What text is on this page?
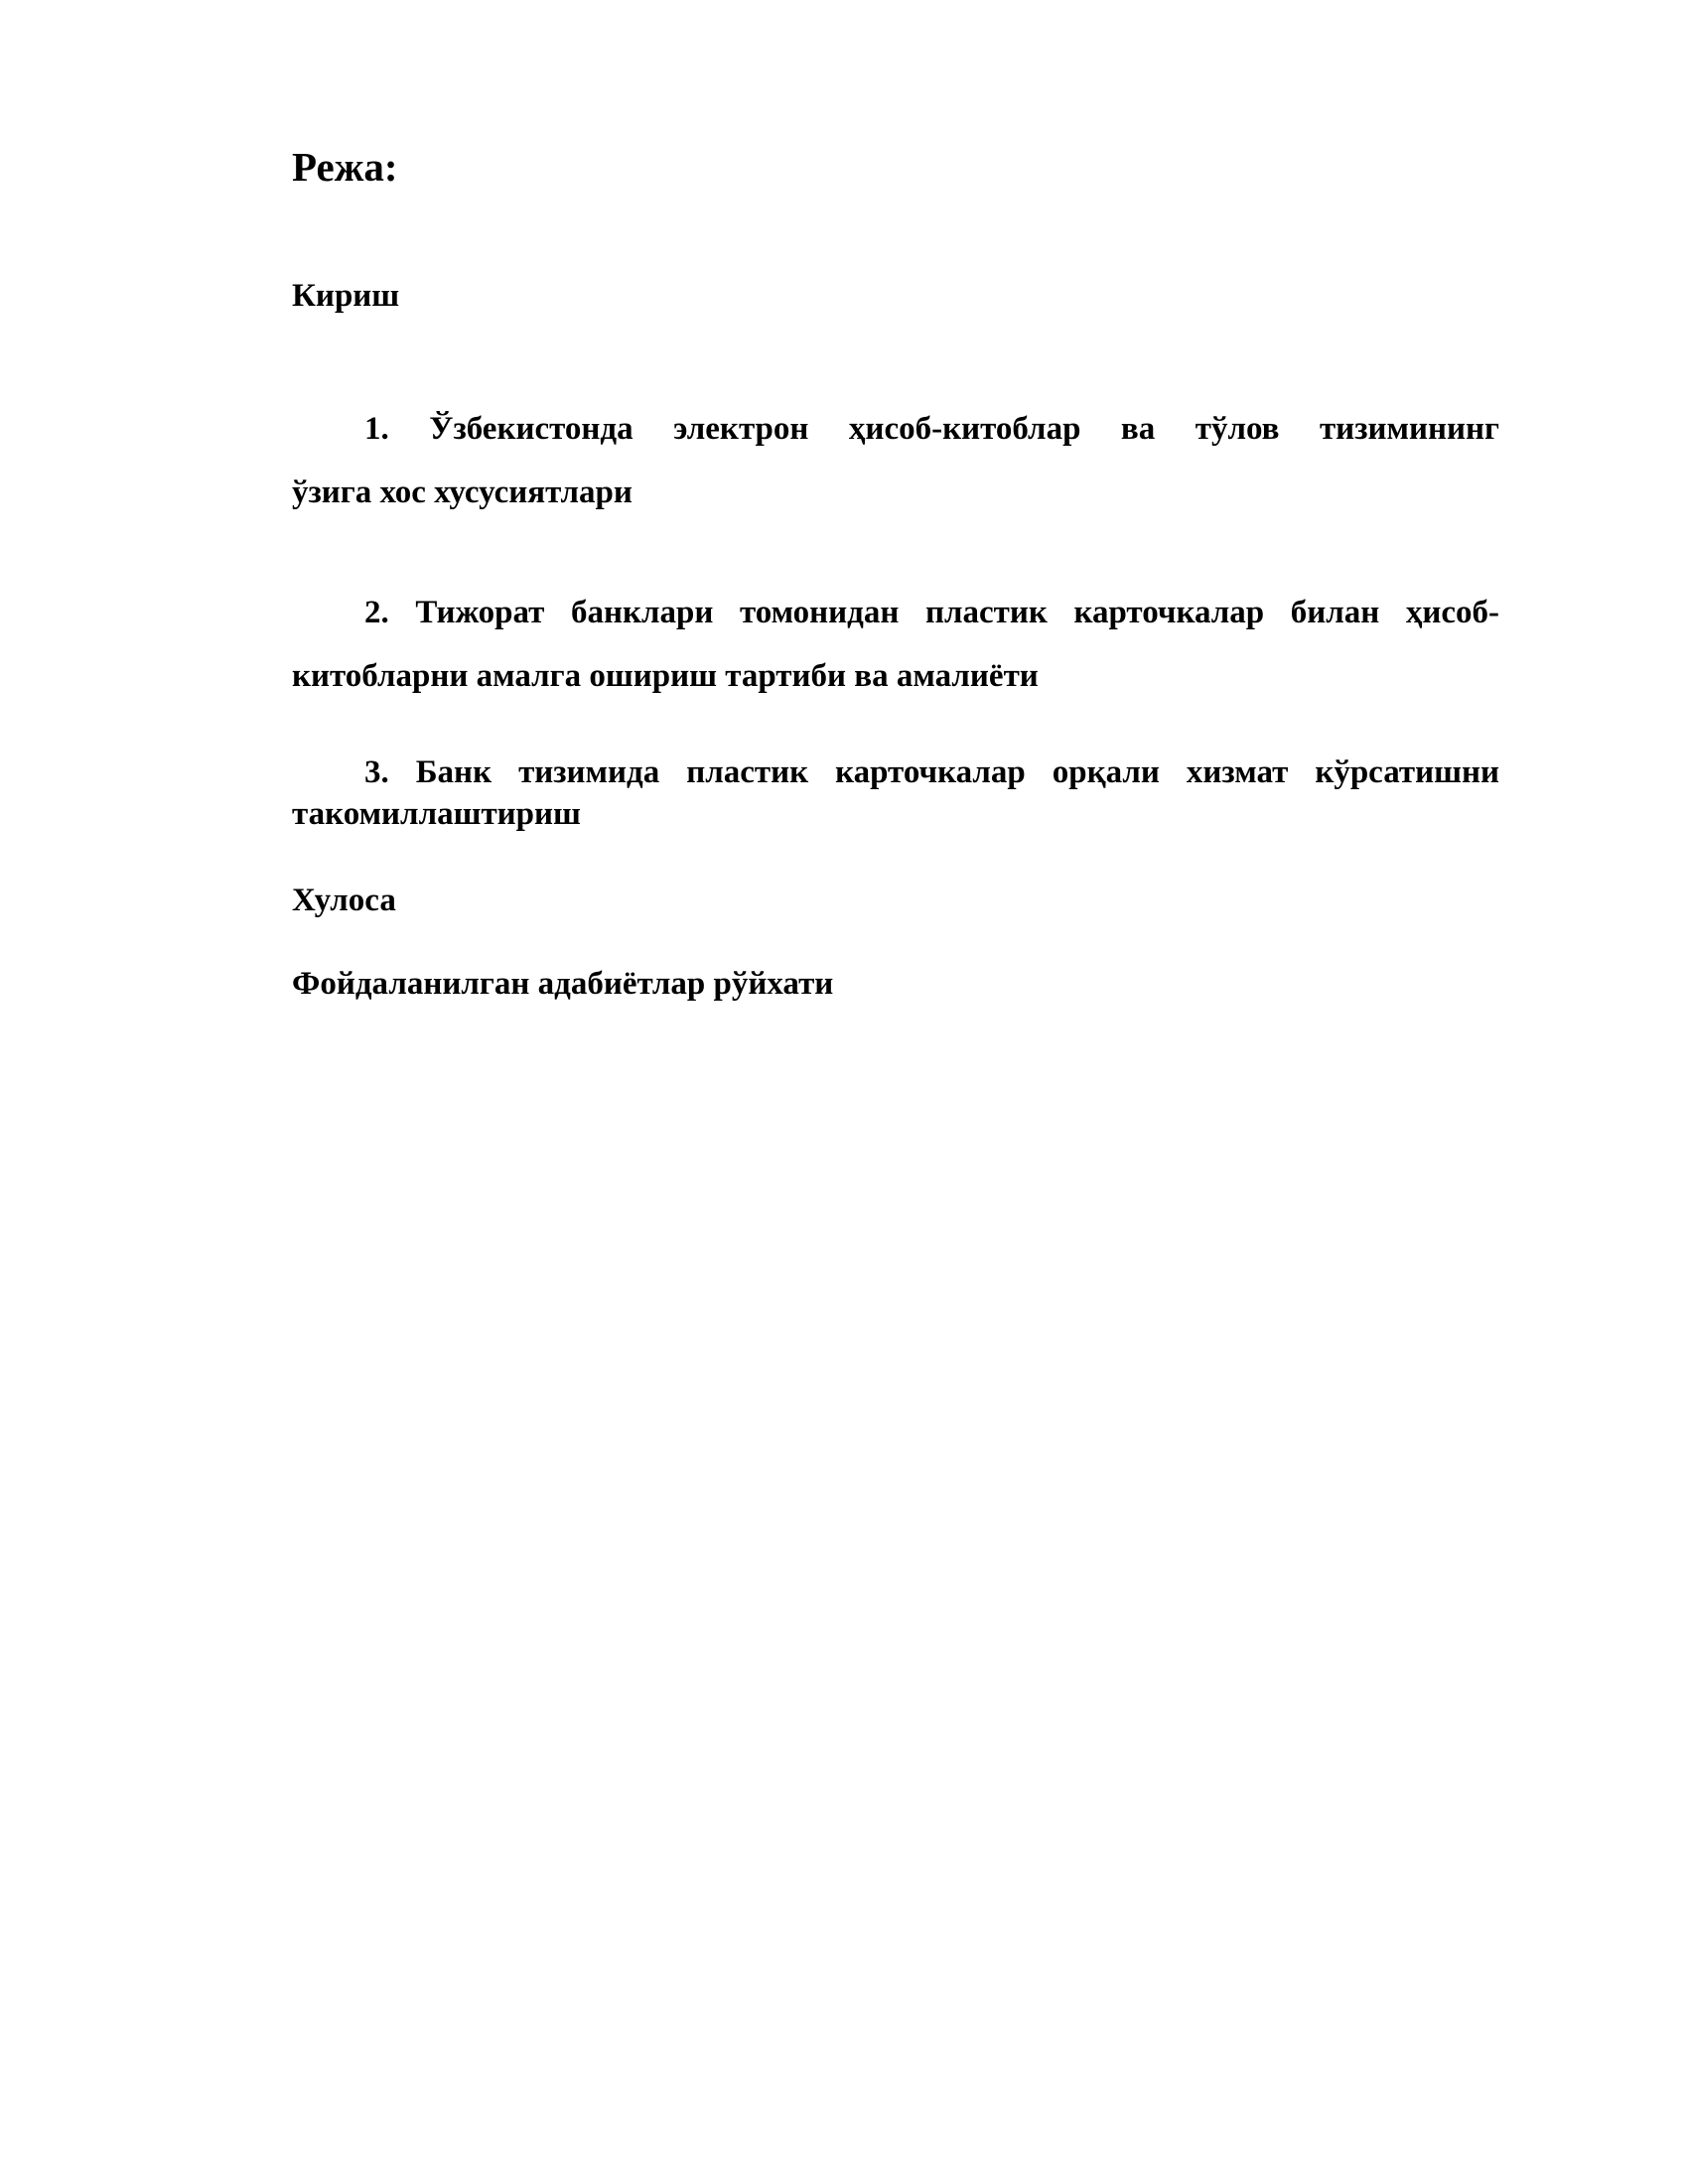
Режа:

Кириш

1. Ўзбекистонда электрон ҳисоб-китоблар ва тўлов тизимининг
ўзига хос хусусиятлари
2. Тижорат банклари томонидан пластик карточкалар билан ҳисоб-
китобларни амалга ошириш тартиби ва амалиёти
3. Банк тизимида пластик карточкалар орқали хизмат кўрсатишни
такомиллаштириш

Хулоса

Фойдаланилган адабиётлар рўйхати
